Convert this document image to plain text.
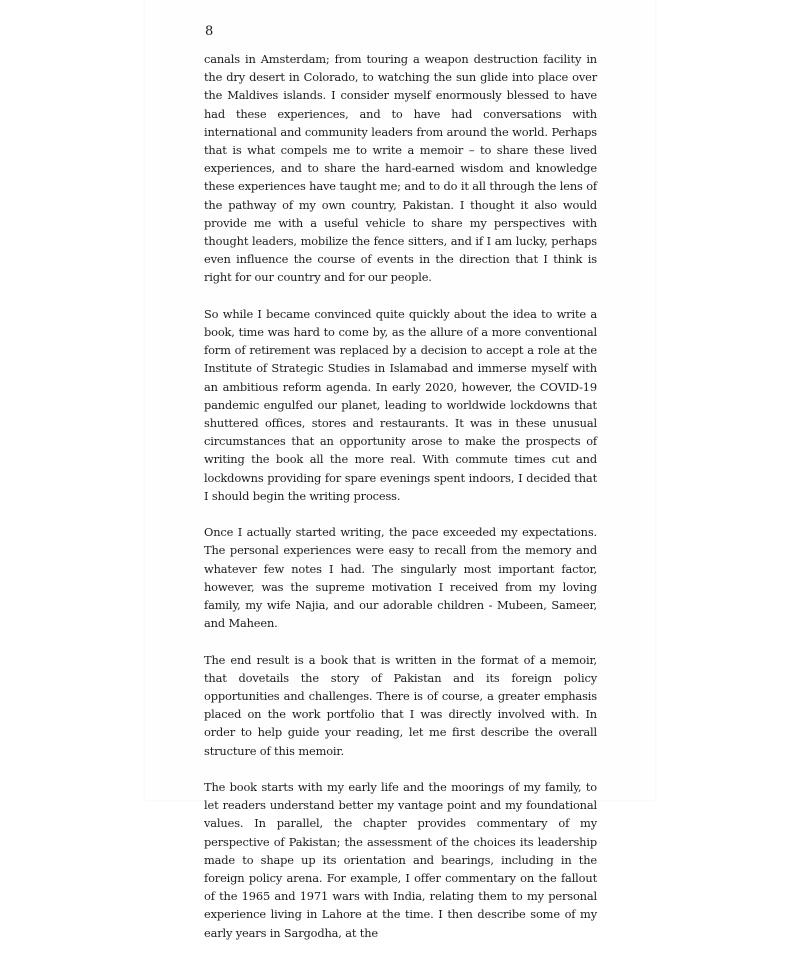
8

canals in Amsterdam; from touring a weapon destruction facility in the dry desert in Colorado, to watching the sun glide into place over the Maldives islands. I consider myself enormously blessed to have had these experiences, and to have had conversations with international and community leaders from around the world. Perhaps that is what compels me to write a memoir – to share these lived experiences, and to share the hard-earned wisdom and knowledge these experiences have taught me; and to do it all through the lens of the pathway of my own country, Pakistan. I thought it also would provide me with a useful vehicle to share my perspectives with thought leaders, mobilize the fence sitters, and if I am lucky, perhaps even influence the course of events in the direction that I think is right for our country and for our people.

So while I became convinced quite quickly about the idea to write a book, time was hard to come by, as the allure of a more conventional form of retirement was replaced by a decision to accept a role at the Institute of Strategic Studies in Islamabad and immerse myself with an ambitious reform agenda. In early 2020, however, the COVID-19 pandemic engulfed our planet, leading to worldwide lockdowns that shuttered offices, stores and restaurants. It was in these unusual circumstances that an opportunity arose to make the prospects of writing the book all the more real. With commute times cut and lockdowns providing for spare evenings spent indoors, I decided that I should begin the writing process.

Once I actually started writing, the pace exceeded my expectations. The personal experiences were easy to recall from the memory and whatever few notes I had. The singularly most important factor, however, was the supreme motivation I received from my loving family, my wife Najia, and our adorable children - Mubeen, Sameer, and Maheen.

The end result is a book that is written in the format of a memoir, that dovetails the story of Pakistan and its foreign policy opportunities and challenges. There is of course, a greater emphasis placed on the work portfolio that I was directly involved with. In order to help guide your reading, let me first describe the overall structure of this memoir.

The book starts with my early life and the moorings of my family, to let readers understand better my vantage point and my foundational values. In parallel, the chapter provides commentary of my perspective of Pakistan; the assessment of the choices its leadership made to shape up its orientation and bearings, including in the foreign policy arena. For example, I offer commentary on the fallout of the 1965 and 1971 wars with India, relating them to my personal experience living in Lahore at the time. I then describe some of my early years in Sargodha, at the
